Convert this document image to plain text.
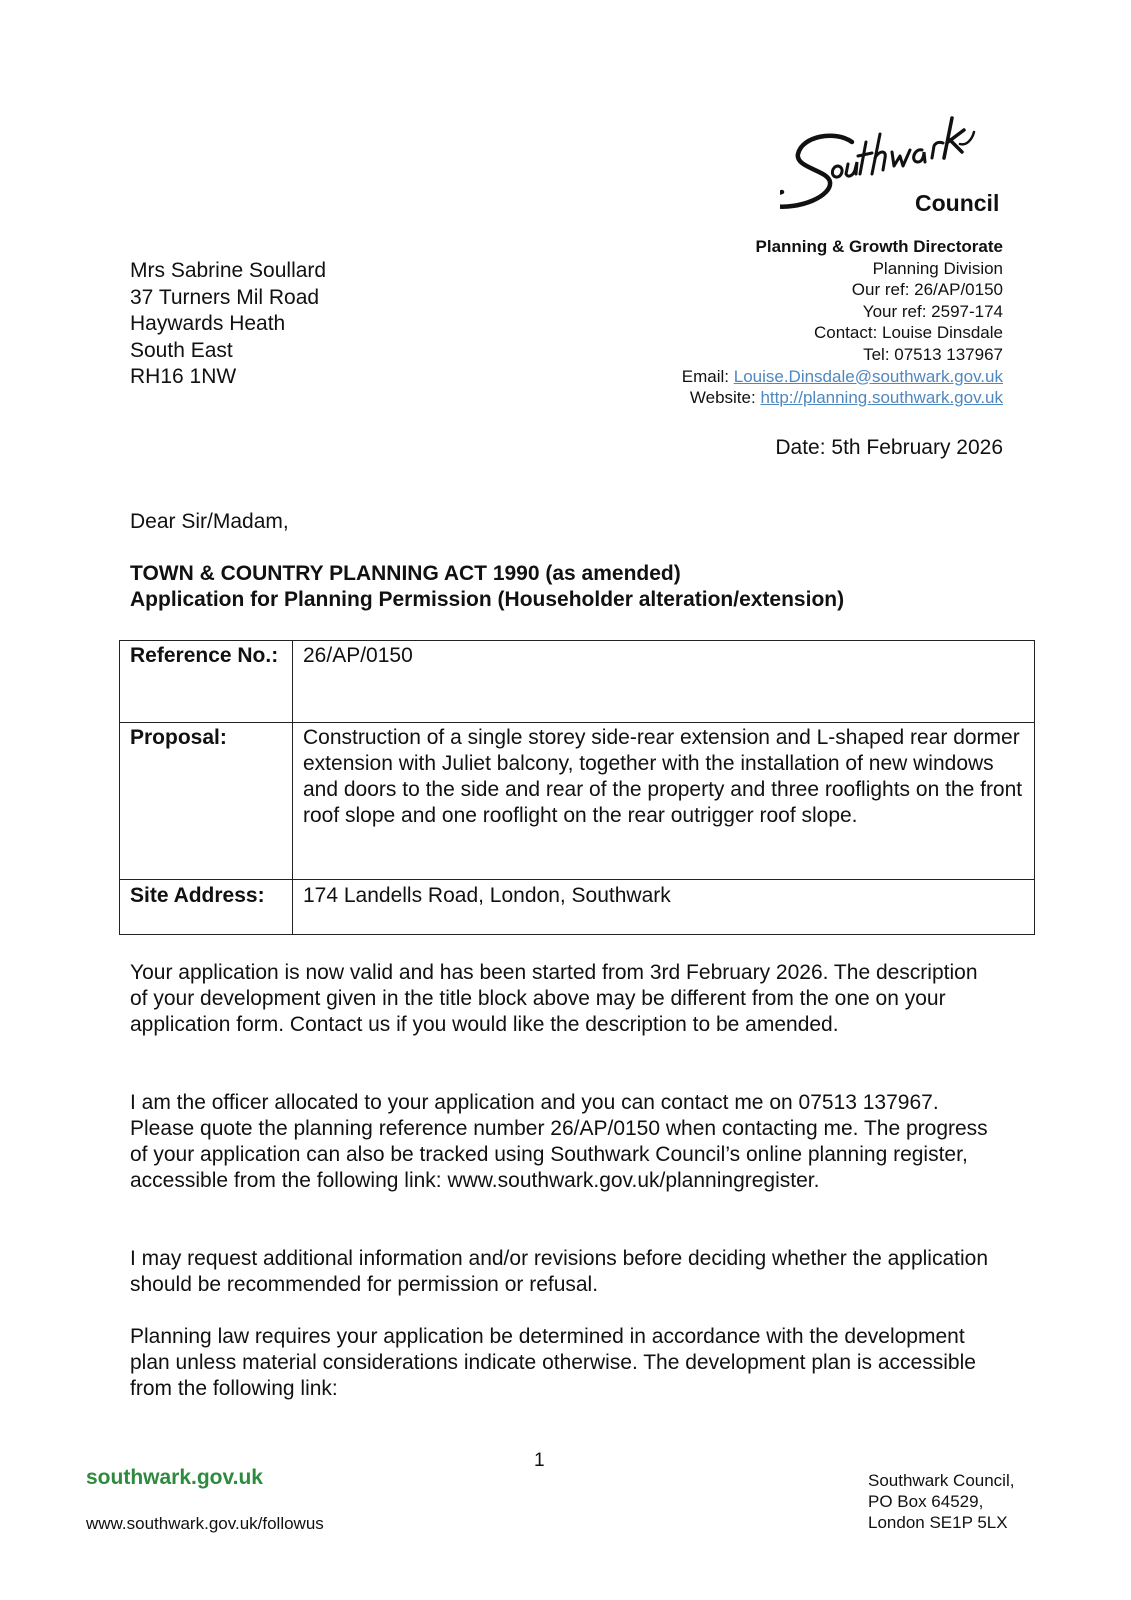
Council
Planning & Growth Directorate
Planning Division
Our ref: 26/AP/0150
Your ref: 2597-174
Contact: Louise Dinsdale
Tel: 07513 137967
Email: Louise.Dinsdale@southwark.gov.uk
Website: http://planning.southwark.gov.uk
Date: 5th February 2026
Mrs Sabrine Soullard
37 Turners Mil Road
Haywards Heath
South East
RH16 1NW
Dear Sir/Madam,
TOWN & COUNTRY PLANNING ACT 1990 (as amended)
Application for Planning Permission (Householder alteration/extension)
Reference No.:	26/AP/0150
Proposal:	Construction of a single storey side-rear extension and L-shaped rear dormer extension with Juliet balcony, together with the installation of new windows and doors to the side and rear of the property and three rooflights on the front roof slope and one rooflight on the rear outrigger roof slope.
Site Address:	174 Landells Road, London, Southwark
Your application is now valid and has been started from 3rd February 2026. The description of your development given in the title block above may be different from the one on your application form. Contact us if you would like the description to be amended.
I am the officer allocated to your application and you can contact me on 07513 137967. Please quote the planning reference number 26/AP/0150 when contacting me. The progress of your application can also be tracked using Southwark Council’s online planning register, accessible from the following link: www.southwark.gov.uk/planningregister.
I may request additional information and/or revisions before deciding whether the application should be recommended for permission or refusal.
Planning law requires your application be determined in accordance with the development plan unless material considerations indicate otherwise. The development plan is accessible from the following link:
1
southwark.gov.uk
www.southwark.gov.uk/followus
Southwark Council,
PO Box 64529,
London SE1P 5LX
